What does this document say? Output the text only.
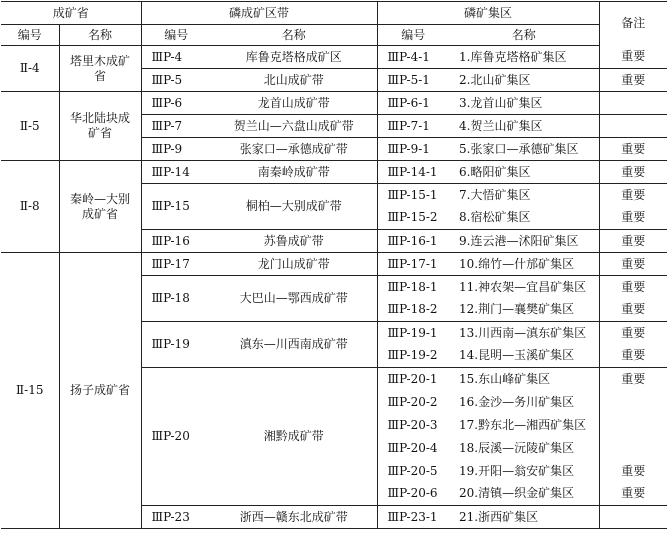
成矿省		磷成矿区带		磷矿集区		备注
编号	名称	编号	名称	编号	名称	
Ⅱ-4	塔里木成矿省	ⅢP-4	库鲁克塔格成矿区	ⅢP-4-1	1.库鲁克塔格矿集区	重要
		ⅢP-5	北山成矿带	ⅢP-5-1	2.北山矿集区	重要
Ⅱ-5	华北陆块成矿省	ⅢP-6	龙首山成矿带	ⅢP-6-1	3.龙首山矿集区	
		ⅢP-7	贺兰山—六盘山成矿带	ⅢP-7-1	4.贺兰山矿集区	
		ⅢP-9	张家口—承德成矿带	ⅢP-9-1	5.张家口—承德矿集区	重要
Ⅱ-8	秦岭—大别成矿省	ⅢP-14	南秦岭成矿带	ⅢP-14-1	6.略阳矿集区	重要
		ⅢP-15	桐柏—大别成矿带	ⅢP-15-1	7.大悟矿集区	重要
				ⅢP-15-2	8.宿松矿集区	重要
		ⅢP-16	苏鲁成矿带	ⅢP-16-1	9.连云港—沭阳矿集区	重要
Ⅱ-15	扬子成矿省	ⅢP-17	龙门山成矿带	ⅢP-17-1	10.绵竹—什邡矿集区	重要
		ⅢP-18	大巴山—鄂西成矿带	ⅢP-18-1	11.神农架—宜昌矿集区	重要
				ⅢP-18-2	12.荆门—襄樊矿集区	重要
		ⅢP-19	滇东—川西南成矿带	ⅢP-19-1	13.川西南—滇东矿集区	重要
				ⅢP-19-2	14.昆明—玉溪矿集区	重要
		ⅢP-20	湘黔成矿带	ⅢP-20-1	15.东山峰矿集区	重要
				ⅢP-20-2	16.金沙—务川矿集区	
				ⅢP-20-3	17.黔东北—湘西矿集区	
				ⅢP-20-4	18.辰溪—沅陵矿集区	
				ⅢP-20-5	19.开阳—翁安矿集区	重要
				ⅢP-20-6	20.清镇—织金矿集区	重要
		ⅢP-23	浙西—赣东北成矿带	ⅢP-23-1	21.浙西矿集区	
